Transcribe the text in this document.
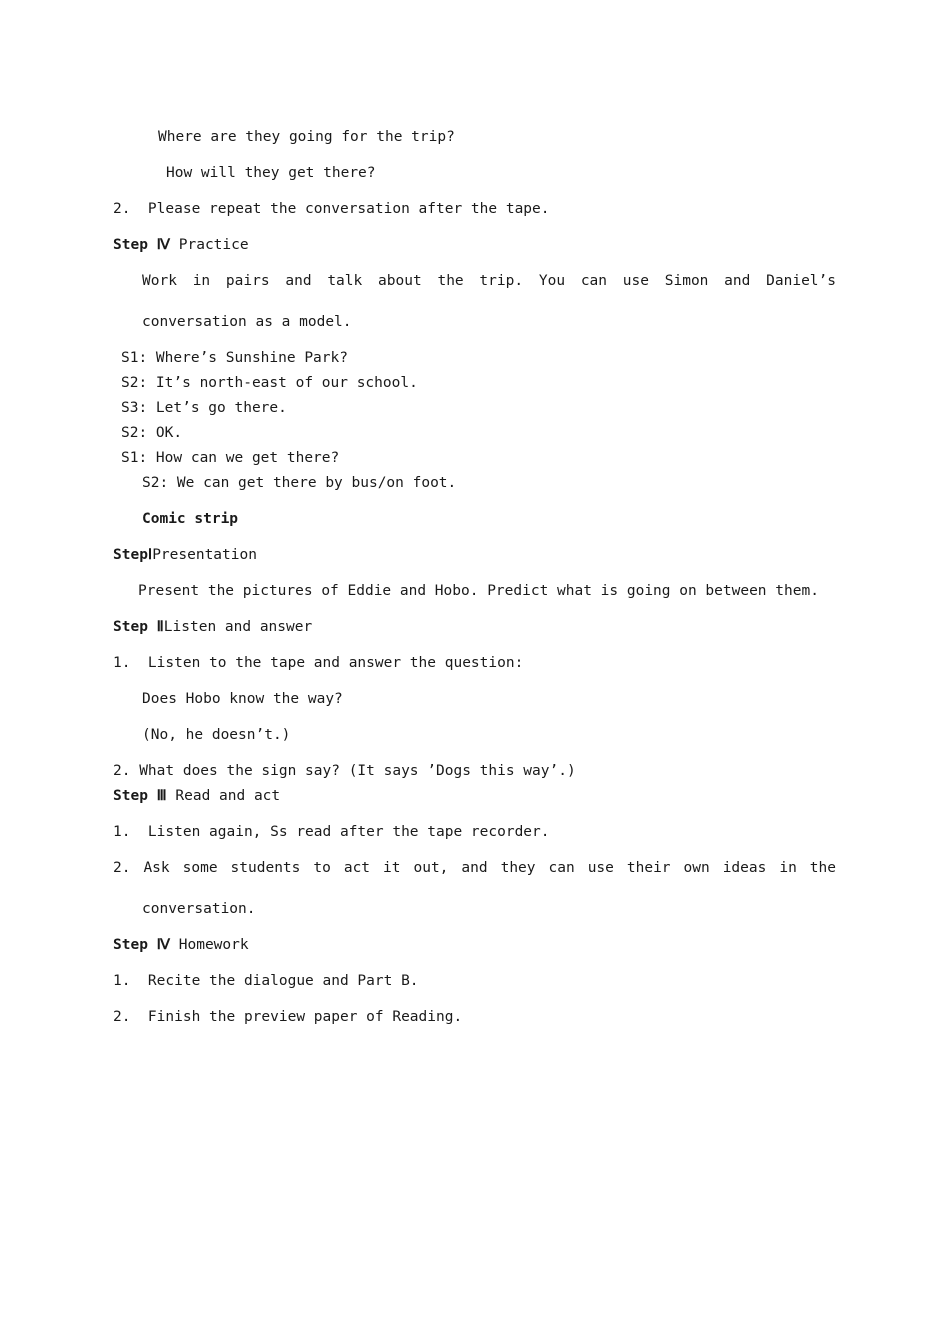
Where are they going for the trip?
How will they get there?
2.  Please repeat the conversation after the tape.
Step Ⅳ Practice
Work in pairs and talk about the trip. You can use Simon and Daniel’s
conversation as a model.
S1: Where’s Sunshine Park?
S2: It’s north-east of our school.
S3: Let’s go there.
S2: OK.
S1: How can we get there?
S2: We can get there by bus/on foot.
Comic strip
StepⅠPresentation
Present the pictures of Eddie and Hobo. Predict what is going on between them.
Step ⅡListen and answer
1.  Listen to the tape and answer the question:
Does Hobo know the way?
(No, he doesn’t.)
2. What does the sign say? (It says ’Dogs this way’.)
Step Ⅲ Read and act
1.  Listen again, Ss read after the tape recorder.
2. Ask some students to act it out, and they can use their own ideas in the
conversation.
Step Ⅳ Homework
1.  Recite the dialogue and Part B.
2.  Finish the preview paper of Reading.
